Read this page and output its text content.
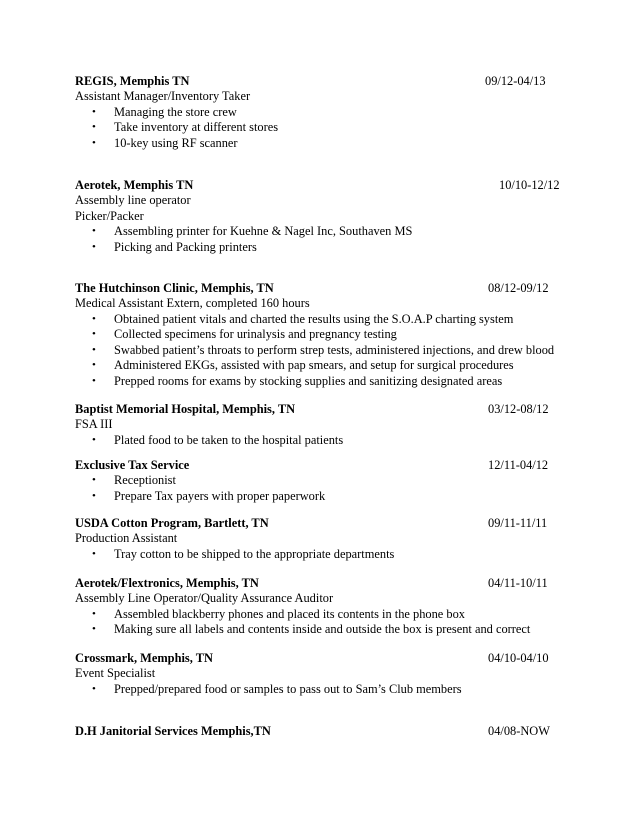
REGIS, Memphis TN	09/12-04/13
Assistant Manager/Inventory Taker
• Managing the store crew
• Take inventory at different stores
• 10-key using RF scanner
Aerotek, Memphis TN	10/10-12/12
Assembly line operator
Picker/Packer
• Assembling printer for Kuehne & Nagel Inc, Southaven MS
• Picking and Packing printers
The Hutchinson Clinic, Memphis, TN	08/12-09/12
Medical Assistant Extern, completed 160 hours
• Obtained patient vitals and charted the results using the S.O.A.P charting system
• Collected specimens for urinalysis and pregnancy testing
• Swabbed patient’s throats to perform strep tests, administered injections, and drew blood
• Administered EKGs, assisted with pap smears, and setup for surgical procedures
• Prepped rooms for exams by stocking supplies and sanitizing designated areas
Baptist Memorial Hospital, Memphis, TN	03/12-08/12
FSA III
• Plated food to be taken to the hospital patients
Exclusive Tax Service	12/11-04/12
• Receptionist
• Prepare Tax payers with proper paperwork
USDA Cotton Program, Bartlett, TN	09/11-11/11
Production Assistant
• Tray cotton to be shipped to the appropriate departments
Aerotek/Flextronics, Memphis, TN	04/11-10/11
Assembly Line Operator/Quality Assurance Auditor
• Assembled blackberry phones and placed its contents in the phone box
• Making sure all labels and contents inside and outside the box is present and correct
Crossmark, Memphis, TN	04/10-04/10
Event Specialist
• Prepped/prepared food or samples to pass out to Sam’s Club members
D.H Janitorial Services Memphis,TN	04/08-NOW
